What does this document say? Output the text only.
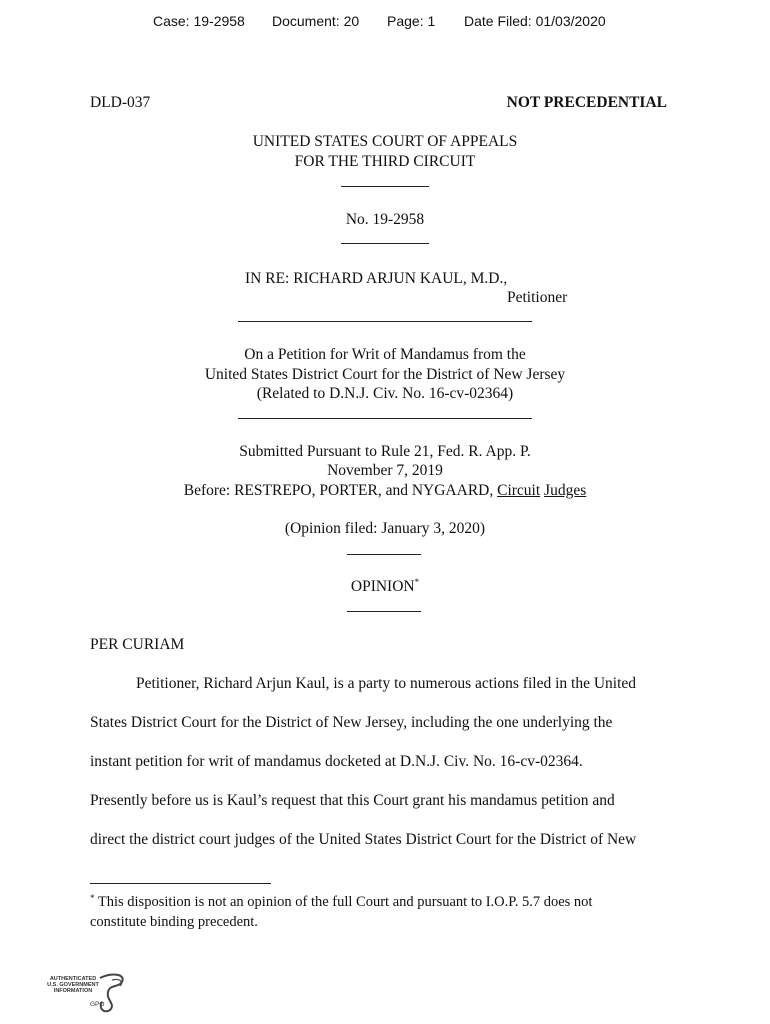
Case: 19-2958 Document: 20 Page: 1 Date Filed: 01/03/2020
DLD-037	NOT PRECEDENTIAL
UNITED STATES COURT OF APPEALS
FOR THE THIRD CIRCUIT
No. 19-2958
IN RE: RICHARD ARJUN KAUL, M.D.,
Petitioner
On a Petition for Writ of Mandamus from the
United States District Court for the District of New Jersey
(Related to D.N.J. Civ. No. 16-cv-02364)
Submitted Pursuant to Rule 21, Fed. R. App. P.
November 7, 2019
Before: RESTREPO, PORTER, and NYGAARD, Circuit Judges
(Opinion filed: January 3, 2020)
OPINION*
PER CURIAM
Petitioner, Richard Arjun Kaul, is a party to numerous actions filed in the United
States District Court for the District of New Jersey, including the one underlying the
instant petition for writ of mandamus docketed at D.N.J. Civ. No. 16-cv-02364.
Presently before us is Kaul’s request that this Court grant his mandamus petition and
direct the district court judges of the United States District Court for the District of New
* This disposition is not an opinion of the full Court and pursuant to I.O.P. 5.7 does not
constitute binding precedent.
AUTHENTICATED
U.S. GOVERNMENT
INFORMATION
GPO
